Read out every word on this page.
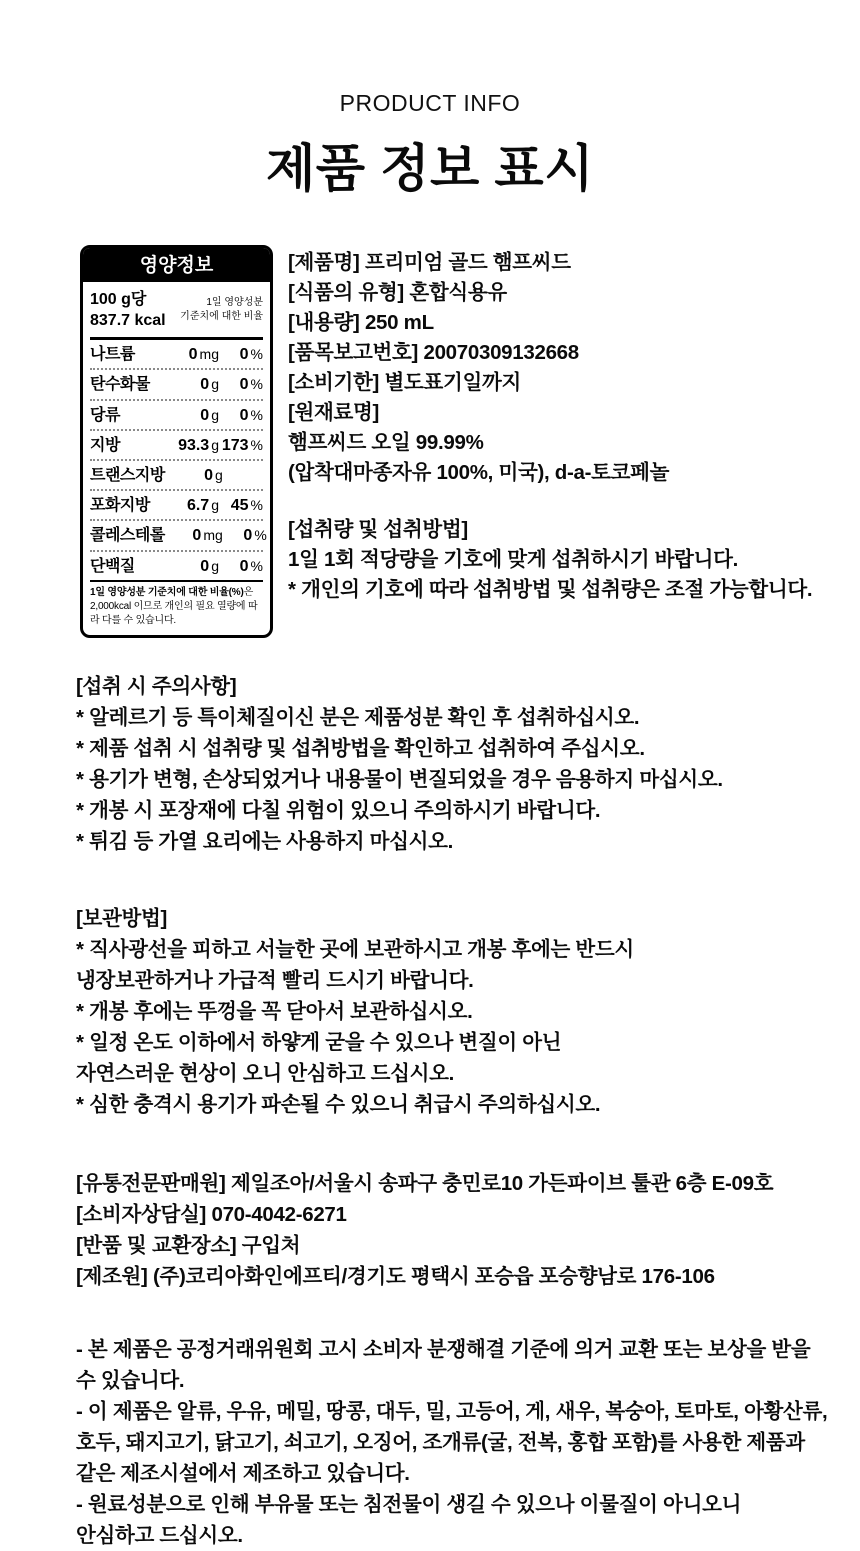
PRODUCT INFO
제품 정보 표시
영양정보
100 g당
837.7 kcal
1일 영양성분
기준치에 대한 비율
나트륨	0 mg	0 %
탄수화물	0 g	0 %
당류	0 g	0 %
지방	93.3 g 173 %
트랜스지방	0 g
포화지방	6.7 g 45 %
콜레스테롤	0 mg	0 %
단백질	0 g	0 %
1일 영양성분 기준치에 대한 비율(%)은 2,000kcal 이므로 개인의 필요 열량에 따라 다를 수 있습니다.
[제품명] 프리미엄 골드 햄프씨드
[식품의 유형] 혼합식용유
[내용량] 250 mL
[품목보고번호] 20070309132668
[소비기한] 별도표기일까지
[원재료명]
햄프씨드 오일 99.99%
(압착대마종자유 100%, 미국), d-a-토코페놀
[섭취량 및 섭취방법]
1일 1회 적당량을 기호에 맞게 섭취하시기 바랍니다.
* 개인의 기호에 따라 섭취방법 및 섭취량은 조절 가능합니다.
[섭취 시 주의사항]
* 알레르기 등 특이체질이신 분은 제품성분 확인 후 섭취하십시오.
* 제품 섭취 시 섭취량 및 섭취방법을 확인하고 섭취하여 주십시오.
* 용기가 변형, 손상되었거나 내용물이 변질되었을 경우 음용하지 마십시오.
* 개봉 시 포장재에 다칠 위험이 있으니 주의하시기 바랍니다.
* 튀김 등 가열 요리에는 사용하지 마십시오.
[보관방법]
* 직사광선을 피하고 서늘한 곳에 보관하시고 개봉 후에는 반드시
냉장보관하거나 가급적 빨리 드시기 바랍니다.
* 개봉 후에는 뚜껑을 꼭 닫아서 보관하십시오.
* 일정 온도 이하에서 하얗게 굳을 수 있으나 변질이 아닌
자연스러운 현상이 오니 안심하고 드십시오.
* 심한 충격시 용기가 파손될 수 있으니 취급시 주의하십시오.
[유통전문판매원] 제일조아/서울시 송파구 충민로10 가든파이브 툴관 6층 E-09호
[소비자상담실] 070-4042-6271
[반품 및 교환장소] 구입처
[제조원] (주)코리아화인에프티/경기도 평택시 포승읍 포승향남로 176-106
- 본 제품은 공정거래위원회 고시 소비자 분쟁해결 기준에 의거 교환 또는 보상을 받을
수 있습니다.
- 이 제품은 알류, 우유, 메밀, 땅콩, 대두, 밀, 고등어, 게, 새우, 복숭아, 토마토, 아황산류,
호두, 돼지고기, 닭고기, 쇠고기, 오징어, 조개류(굴, 전복, 홍합 포함)를 사용한 제품과
같은 제조시설에서 제조하고 있습니다.
- 원료성분으로 인해 부유물 또는 침전물이 생길 수 있으나 이물질이 아니오니
안심하고 드십시오.
